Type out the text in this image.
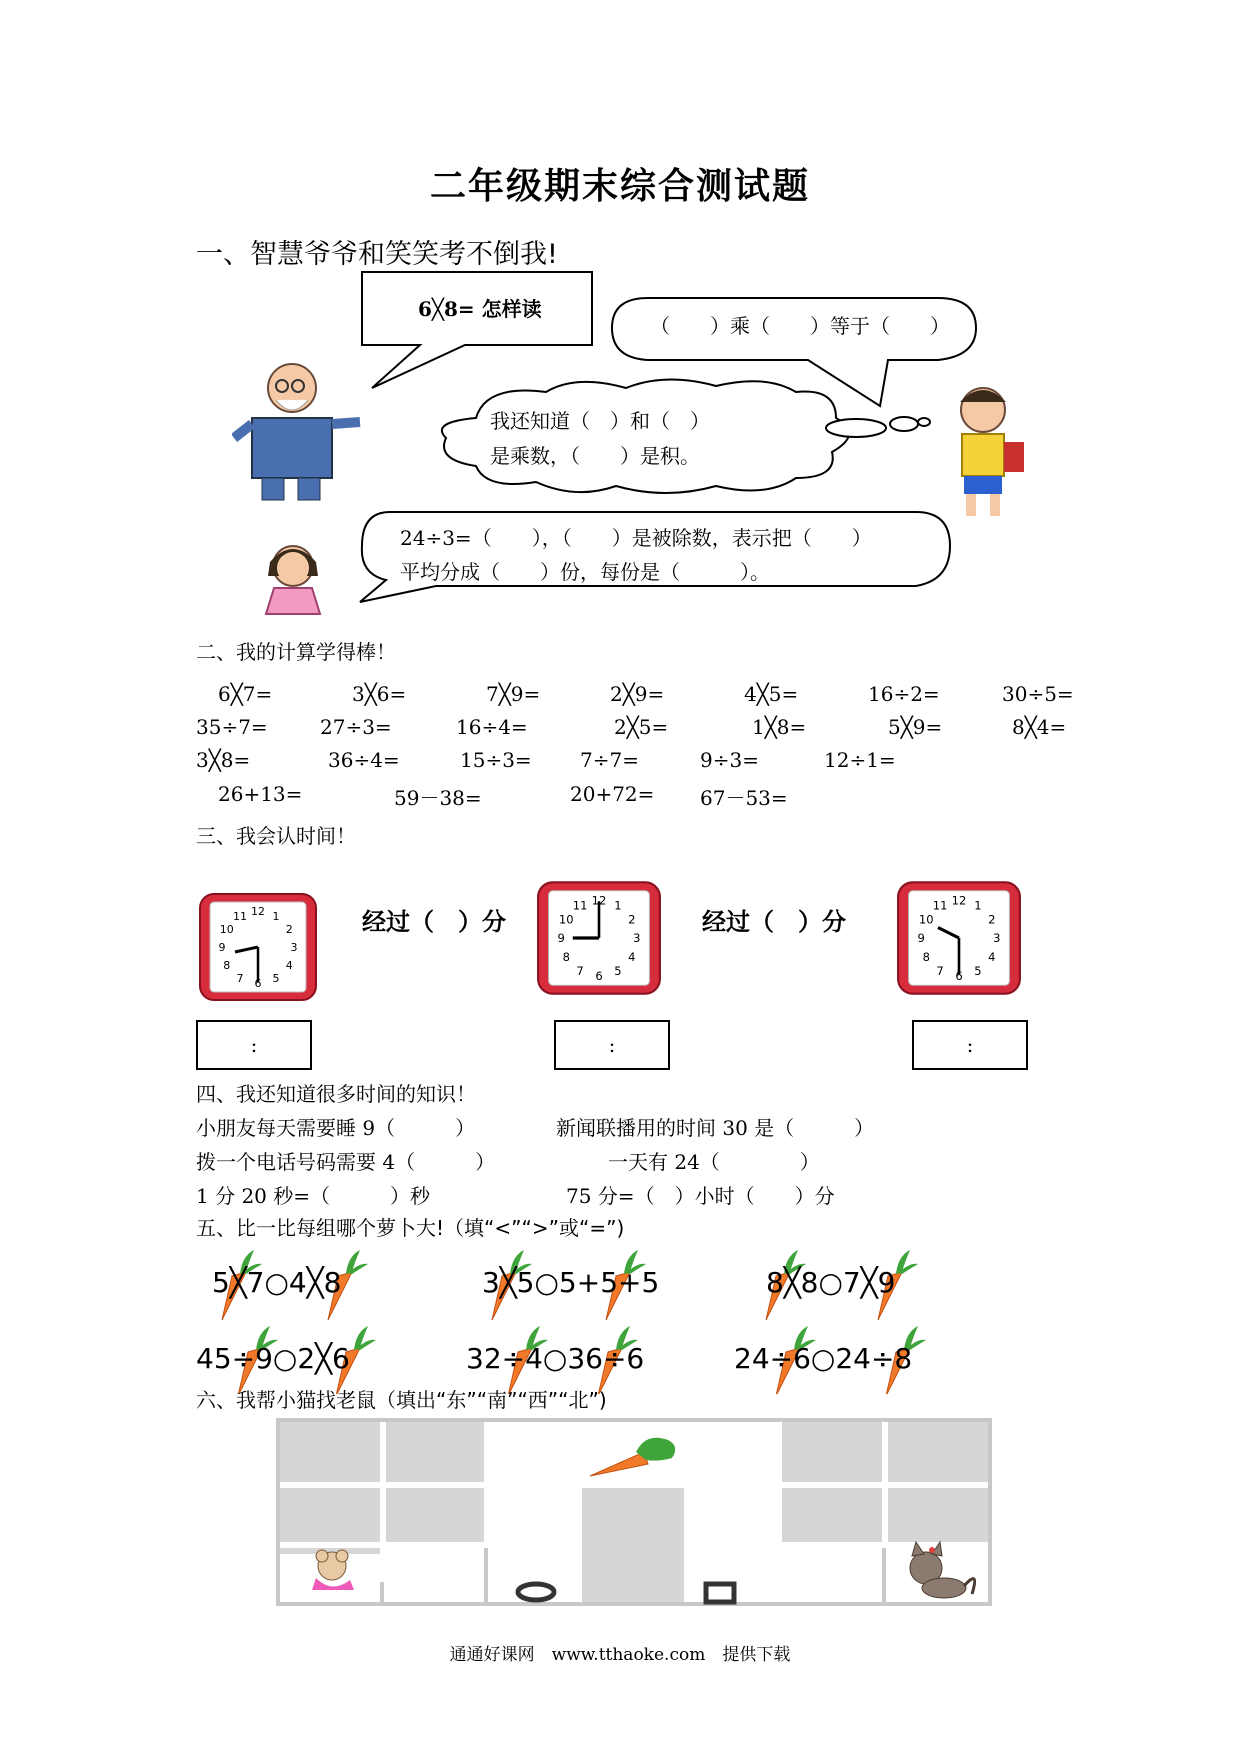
二年级期末综合测试题
一、智慧爷爷和笑笑考不倒我!
6╳8= 怎样读
（　　）乘（　　）等于（　　）
我还知道（　）和（　）
是乘数，（　　）是积。
24÷3=（　　），（　　）是被除数，表示把（　　）
平均分成（　　）份，每份是（　　　）。
二、我的计算学得棒！
6╳7=	3╳6=	7╳9=	2╳9=	4╳5=	16÷2=	30÷5=
35÷7=	27÷3=	16÷4=	2╳5=	1╳8=	5╳9=	8╳4=
3╳8=	36÷4=	15÷3= 7÷7=	9÷3=	12÷1=
26+13=	59－38=	20+72= 67－53=
三、我会认时间！
12 1
2
3
4
5
6
7
8
9
10
11
12 1
2
3
4
5
6
7
8
9
10
11	12 1
2
3
4
5
6
7
8
9
10
11
经过（　）分	经过（　）分
:	:	:
四、我还知道很多时间的知识！
小朋友每天需要睡 9（　　　）	新闻联播用的时间 30 是（　　　）
拨一个电话号码需要 4（　　　）	一天有 24（　　　　）
1 分 20 秒=（　　　）秒	75 分=（　）小时（　　）分
五、比一比每组哪个萝卜大!（填“<”“>”或“=”)
5╳7○4╳8	3╳5○5+5+5	8╳8○7╳9
45÷9○2╳6	32÷4○36÷6	24÷6○24÷8
六、我帮小猫找老鼠（填出“东”“南”“西”“北”)
通通好课网　www.tthaoke.com　提供下载
